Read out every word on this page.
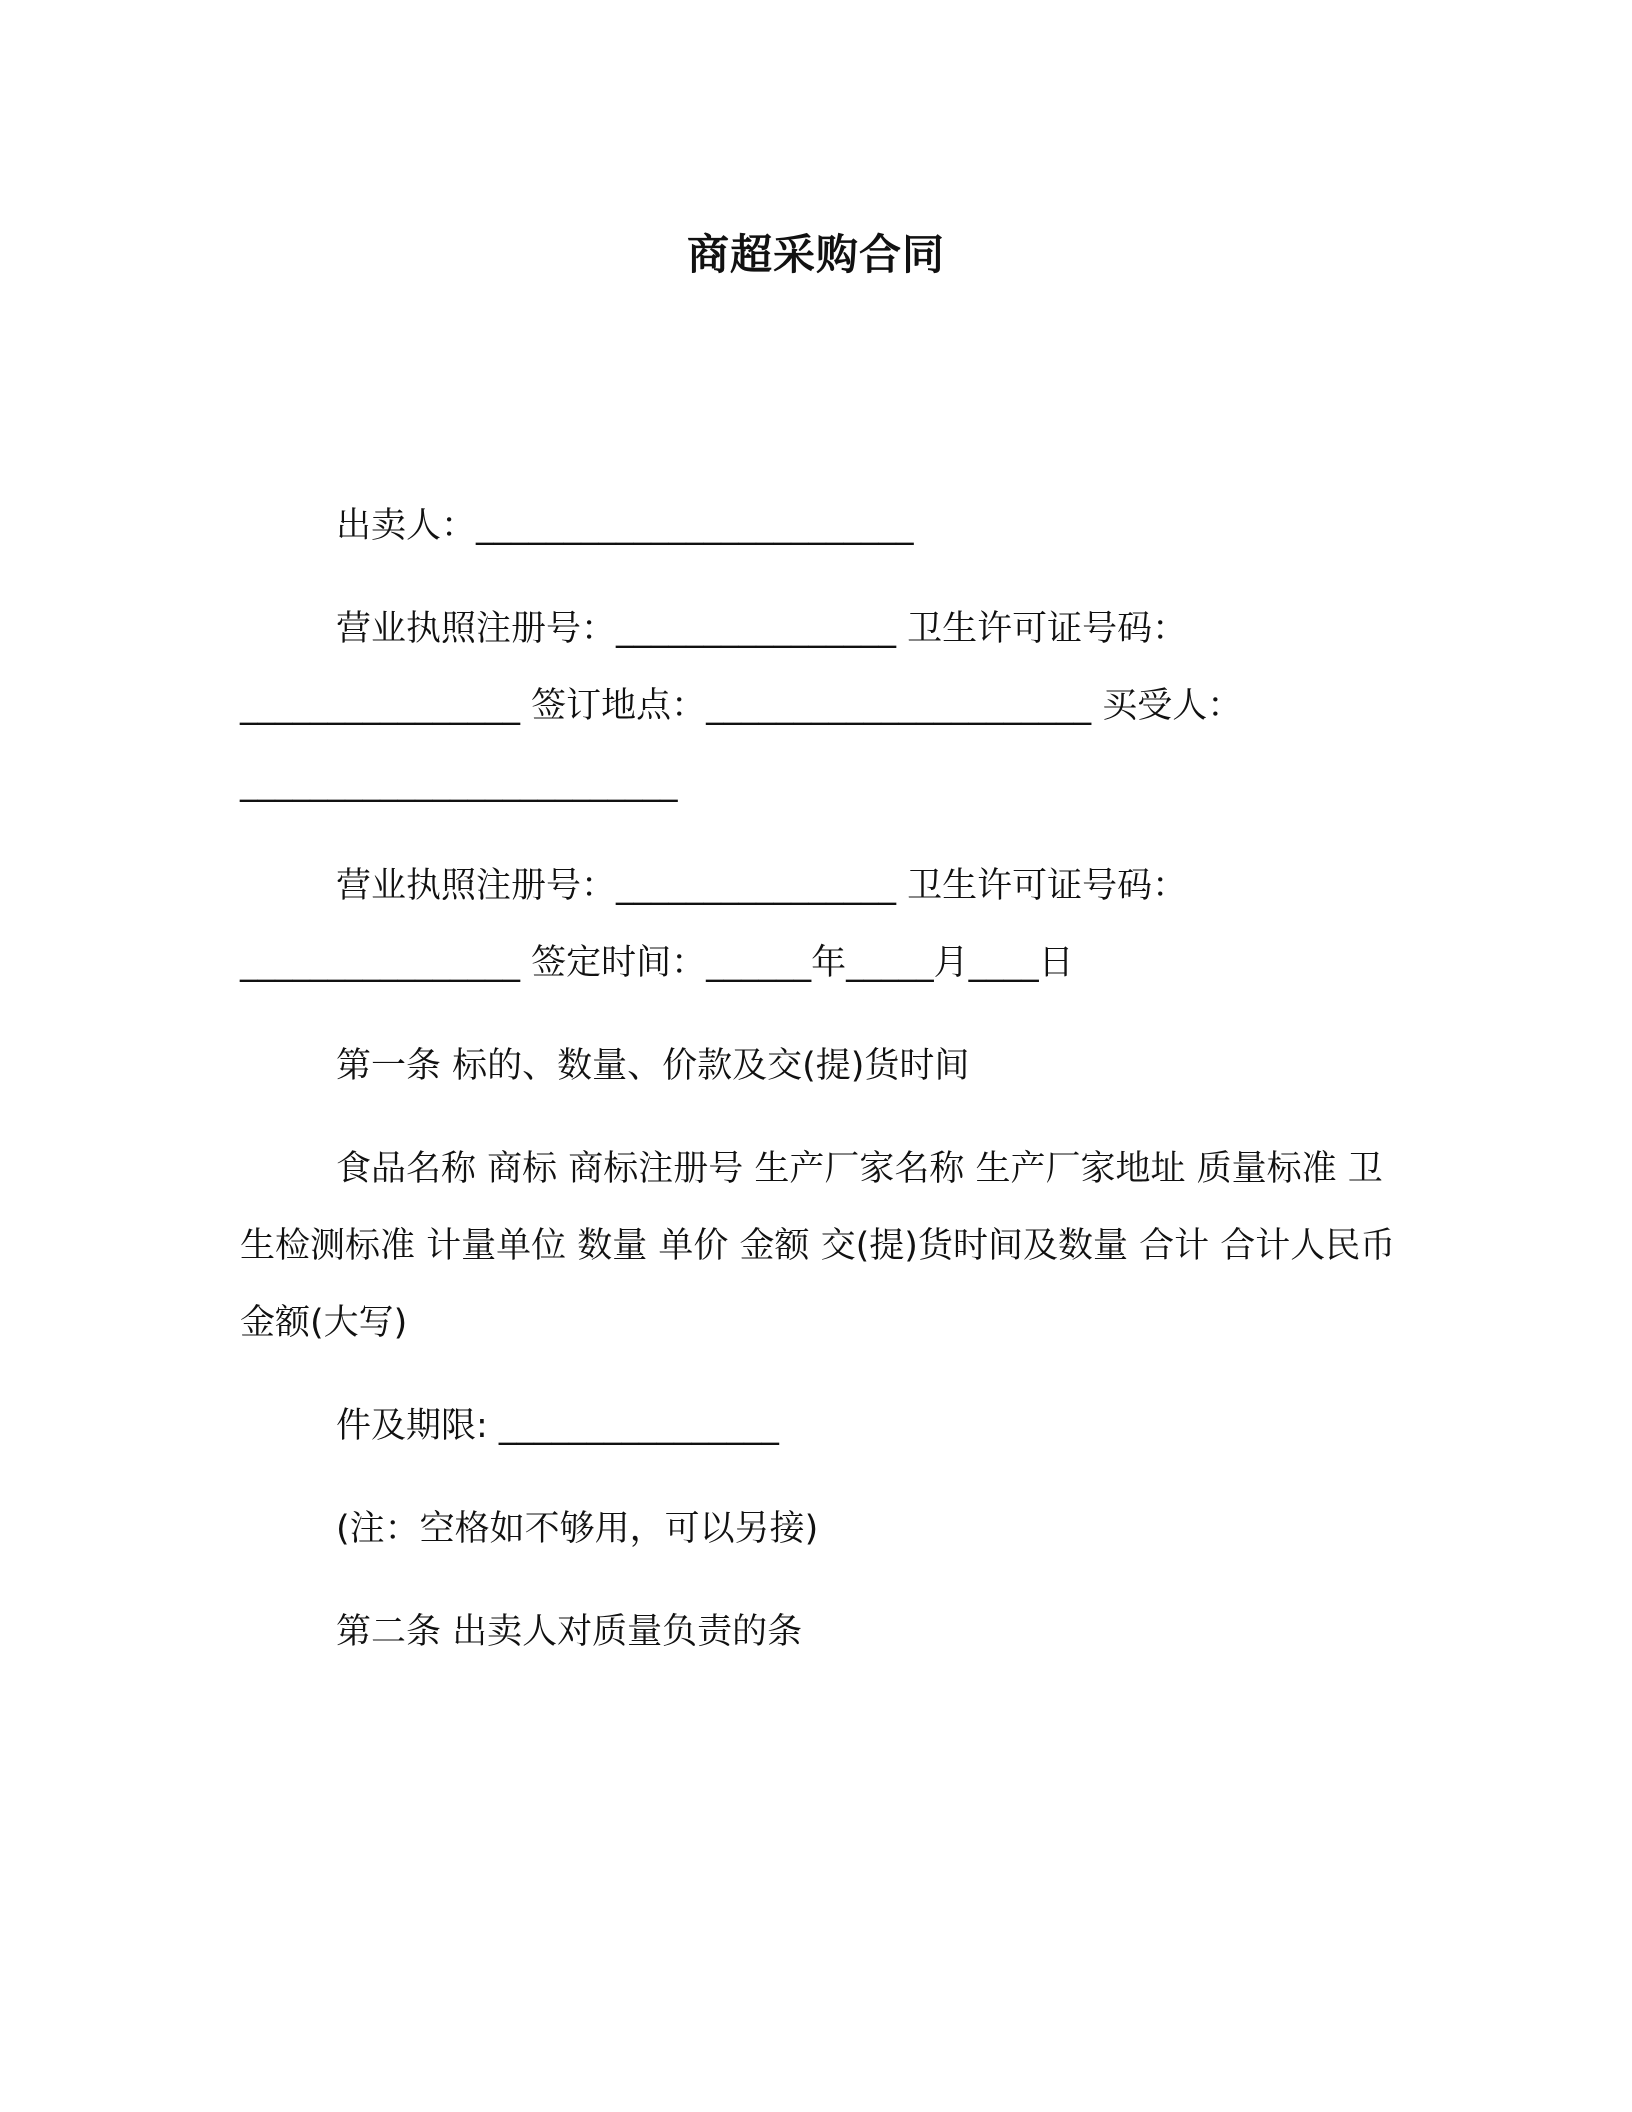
商超采购合同

出卖人：_________________________

营业执照注册号：________________ 卫生许可证号码：________________ 签订地点：______________________ 买受人：_________________________

营业执照注册号：________________ 卫生许可证号码：________________ 签定时间：______年_____月____日

第一条 标的、数量、价款及交(提)货时间

食品名称 商标 商标注册号 生产厂家名称 生产厂家地址 质量标准 卫生检测标准 计量单位 数量 单价 金额 交(提)货时间及数量 合计 合计人民币金额(大写)

件及期限: ________________

(注：空格如不够用，可以另接)

第二条 出卖人对质量负责的条
